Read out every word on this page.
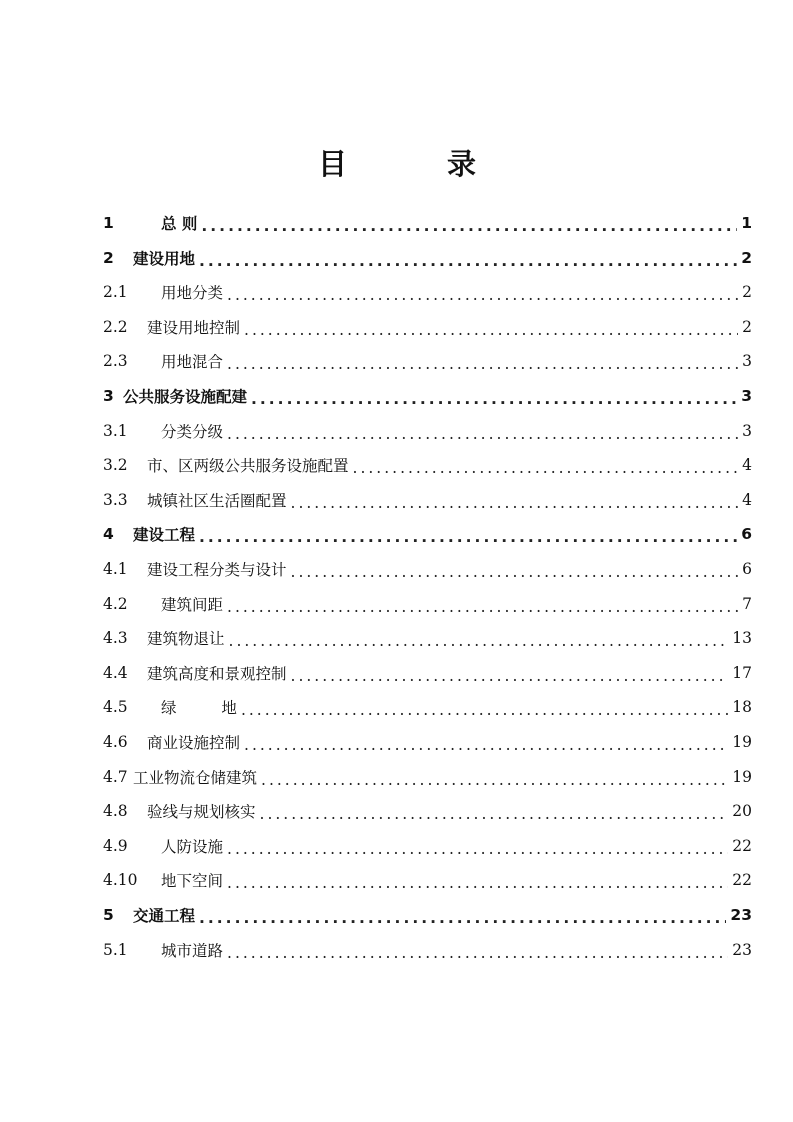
目	录
1	总 则 .....	1
2	建设用地 .....	2
2.1	用地分类 .....	2
2.2	建设用地控制 .....	2
2.3	用地混合 .....	3
3 公共服务设施配建 .....	3
3.1	分类分级 .....	3
3.2	市、区两级公共服务设施配置 .....	4
3.3	城镇社区生活圈配置 .....	4
4	建设工程 .....	6
4.1	建设工程分类与设计 .....	6
4.2	建筑间距 .....	7
4.3	建筑物退让 .....	13
4.4	建筑高度和景观控制 .....	17
4.5	绿 地 .....	18
4.6	商业设施控制 .....	19
4.7 工业物流仓储建筑 .....	19
4.8	验线与规划核实 .....	20
4.9	人防设施 .....	22
4.10	地下空间 .....	22
5	交通工程 .....	23
5.1	城市道路 .....	23
